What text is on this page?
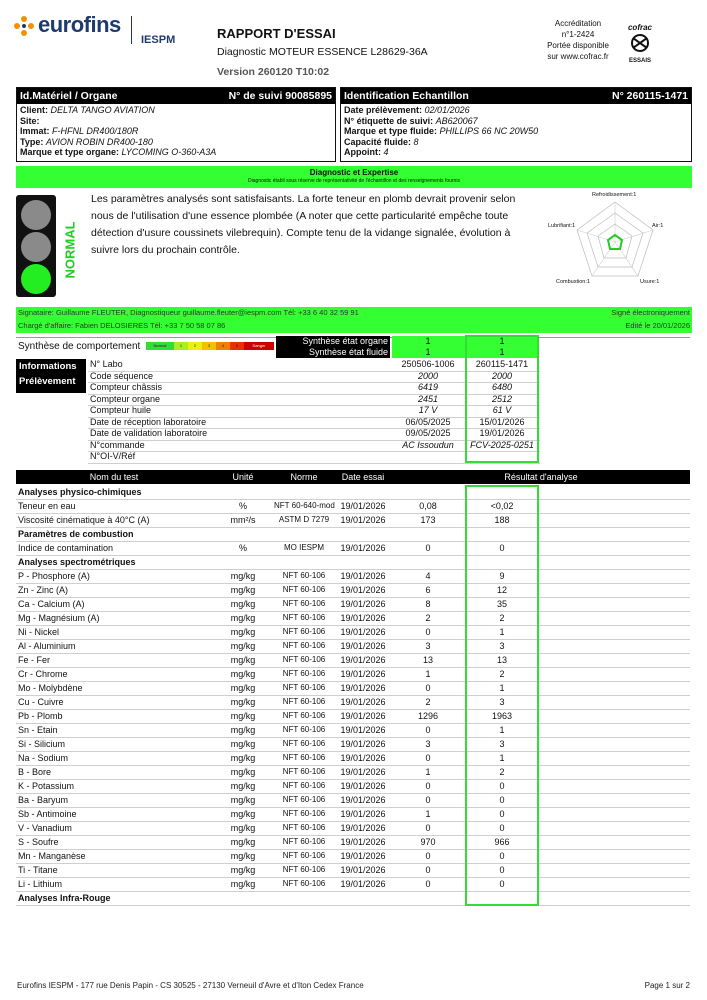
eurofins
IESPM	RAPPORT D'ESSAI
Diagnostic MOTEUR ESSENCE L28629-36A
Version 260120 T10:02
Accréditation
n°1-2424
Portée disponible
sur www.cofrac.fr
cofrac
ESSAIS
Id.Matériel / Organe	N° de suivi 90085895
Client: DELTA TANGO AVIATION
Site:
Immat: F-HFNL DR400/180R
Type: AVION ROBIN DR400-180
Marque et type organe: LYCOMING O-360-A3A
Identification Echantillon	N° 260115-1471
Date prélèvement: 02/01/2026
N° étiquette de suivi: AB620067
Marque et type fluide: PHILLIPS 66 NC 20W50
Capacité fluide: 8
Appoint: 4
Diagnostic et Expertise
Diagnostic établi sous réserve de représentativité de l'échantillon et des renseignements fournis
NORMAL
Les paramètres analysés sont satisfaisants. La forte teneur en plomb devrait provenir selon
nous de l'utilisation d'une essence plombée (A noter que cette particularité empêche toute
détection d'usure coussinets vilebrequin). Compte tenu de la vidange signalée, évolution à
suivre lors du prochain contrôle.
Refroidissement:1
Air:1
Lubrifiant:1
Combustion:1	Usure:1
Signataire: Guillaume FLEUTER, Diagnostiqueur guillaume.fleuter@iespm.com Tél: +33 6 40 32 59 91	Signé électroniquement
Chargé d'affaire: Fabien DELOSIERES Tél: +33 7 50 58 07 86	Edité le 20/01/2026
Synthèse de comportement	Normal	1	2	3	4	5	Danger	Synthèse état organe
Synthèse état fluide
1	1
1	1
Informations
Prélèvement
N° Labo	250506-1006	260115-1471
Code séquence	2000	2000
Compteur châssis	6419	6480
Compteur organe	2451	2512
Compteur huile	17 V	61 V
Date de réception laboratoire	06/05/2025	15/01/2026
Date de validation laboratoire	09/05/2025	19/01/2026
N°commande	AC Issoudun	FCV-2025-0251
N°OI-V/Réf
Nom du test	Unité	Norme	Date essai	Résultat d'analyse
Analyses physico-chimiques
Teneur en eau	%	NFT 60-640-mod 19/01/2026	0,08	<0,02
Viscosité cinématique à 40°C (A)	mm²/s	ASTM D 7279	19/01/2026	173	188
Paramètres de combustion
Indice de contamination	%	MO IESPM	19/01/2026	0	0
Analyses spectrométriques
P - Phosphore (A)	mg/kg	NFT 60-106	19/01/2026	4	9
Zn - Zinc (A)	mg/kg	NFT 60-106	19/01/2026	6	12
Ca - Calcium (A)	mg/kg	NFT 60-106	19/01/2026	8	35
Mg - Magnésium (A)	mg/kg	NFT 60-106	19/01/2026	2	2
Ni - Nickel	mg/kg	NFT 60-106	19/01/2026	0	1
Al - Aluminium	mg/kg	NFT 60-106	19/01/2026	3	3
Fe - Fer	mg/kg	NFT 60-106	19/01/2026	13	13
Cr - Chrome	mg/kg	NFT 60-106	19/01/2026	1	2
Mo - Molybdène	mg/kg	NFT 60-106	19/01/2026	0	1
Cu - Cuivre	mg/kg	NFT 60-106	19/01/2026	2	3
Pb - Plomb	mg/kg	NFT 60-106	19/01/2026	1296	1963
Sn - Etain	mg/kg	NFT 60-106	19/01/2026	0	1
Si - Silicium	mg/kg	NFT 60-106	19/01/2026	3	3
Na - Sodium	mg/kg	NFT 60-106	19/01/2026	0	1
B - Bore	mg/kg	NFT 60-106	19/01/2026	1	2
K - Potassium	mg/kg	NFT 60-106	19/01/2026	0	0
Ba - Baryum	mg/kg	NFT 60-106	19/01/2026	0	0
Sb - Antimoine	mg/kg	NFT 60-106	19/01/2026	1	0
V - Vanadium	mg/kg	NFT 60-106	19/01/2026	0	0
S - Soufre	mg/kg	NFT 60-106	19/01/2026	970	966
Mn - Manganèse	mg/kg	NFT 60-106	19/01/2026	0	0
Ti - Titane	mg/kg	NFT 60-106	19/01/2026	0	0
Li - Lithium	mg/kg	NFT 60-106	19/01/2026	0	0
Analyses Infra-Rouge
Eurofins IESPM - 177 rue Denis Papin - CS 30525 - 27130 Verneuil d'Avre et d'Iton Cedex France	Page 1 sur 2
